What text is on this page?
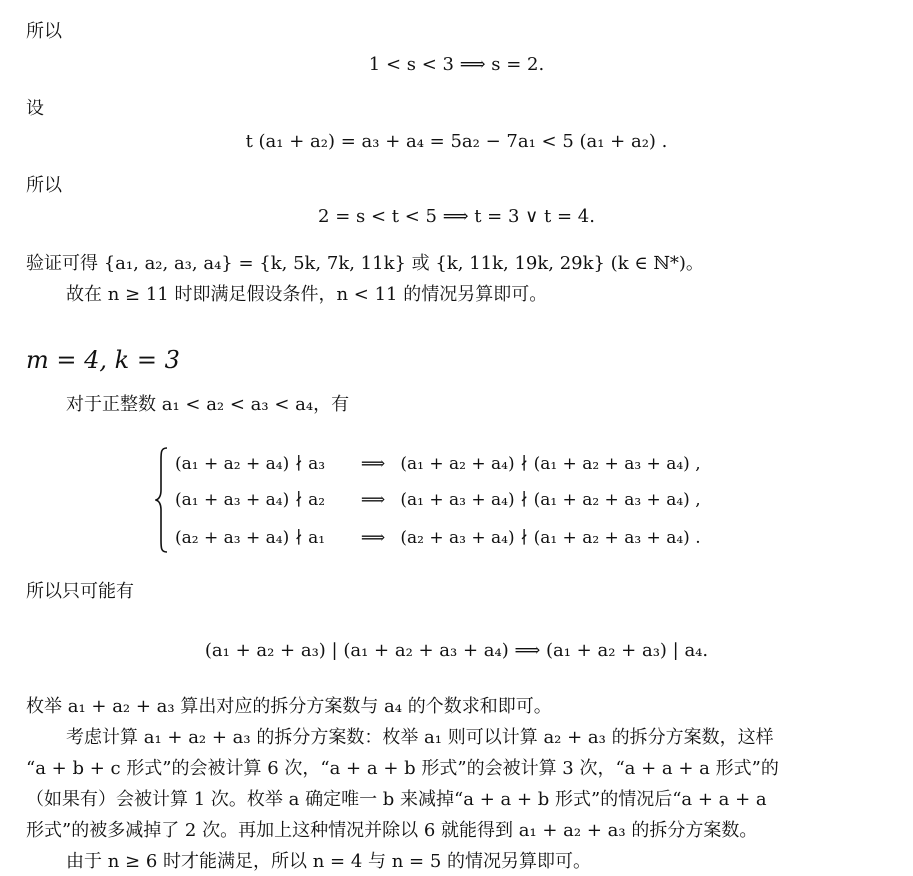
所以
1 < s < 3 ⟹ s = 2.
设
t (a₁ + a₂) = a₃ + a₄ = 5a₂ − 7a₁ < 5 (a₁ + a₂) .
所以
2 = s < t < 5 ⟹ t = 3 ∨ t = 4.
验证可得 {a₁, a₂, a₃, a₄} = {k, 5k, 7k, 11k} 或 {k, 11k, 19k, 29k} (k ∈ ℕ*)。
故在 n ≥ 11 时即满足假设条件，n < 11 的情况另算即可。
m = 4, k = 3
对于正整数 a₁ < a₂ < a₃ < a₄，有
(a₁ + a₂ + a₄) ∤ a₃ ⟹ (a₁ + a₂ + a₄) ∤ (a₁ + a₂ + a₃ + a₄) ,
(a₁ + a₃ + a₄) ∤ a₂ ⟹ (a₁ + a₃ + a₄) ∤ (a₁ + a₂ + a₃ + a₄) ,
(a₂ + a₃ + a₄) ∤ a₁ ⟹ (a₂ + a₃ + a₄) ∤ (a₁ + a₂ + a₃ + a₄) .
所以只可能有
(a₁ + a₂ + a₃) | (a₁ + a₂ + a₃ + a₄) ⟹ (a₁ + a₂ + a₃) | a₄.
枚举 a₁ + a₂ + a₃ 算出对应的拆分方案数与 a₄ 的个数求和即可。
考虑计算 a₁ + a₂ + a₃ 的拆分方案数：枚举 a₁ 则可以计算 a₂ + a₃ 的拆分方案数，这样
“a + b + c 形式”的会被计算 6 次，“a + a + b 形式”的会被计算 3 次，“a + a + a 形式”的
（如果有）会被计算 1 次。枚举 a 确定唯一 b 来减掉“a + a + b 形式”的情况后“a + a + a
形式”的被多减掉了 2 次。再加上这种情况并除以 6 就能得到 a₁ + a₂ + a₃ 的拆分方案数。
由于 n ≥ 6 时才能满足，所以 n = 4 与 n = 5 的情况另算即可。
